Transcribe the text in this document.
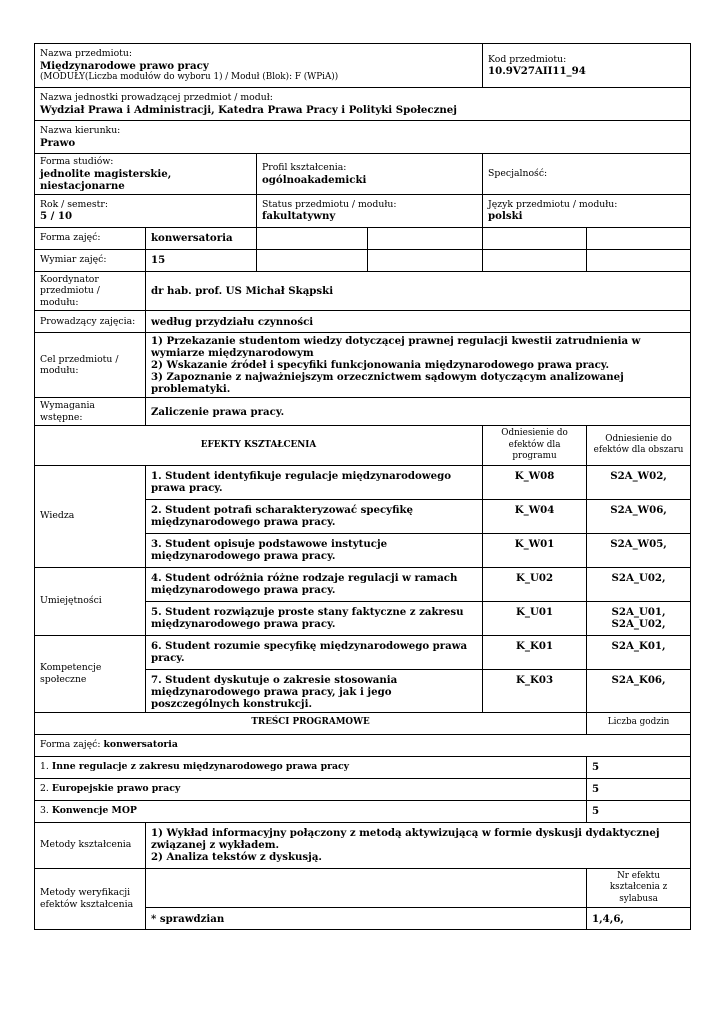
Nazwa przedmiotu:
Międzynarodowe prawo pracy
(MODUŁY(Liczba modułów do wyboru 1) / Moduł (Blok): F (WPiA))				Kod przedmiotu:
10.9V27AII11_94	

Nazwa jednostki prowadzącej przedmiot / moduł:
Wydział Prawa i Administracji, Katedra Prawa Pracy i Polityki Społecznej					

Nazwa kierunku:
Prawo					

Forma studiów:
jednolite magisterskie, niestacjonarne		Profil kształcenia:
ogólnoakademicki		Specjalność:	

Rok / semestr:
5 / 10		Status przedmiotu / modułu:
fakultatywny		Język przedmiotu / modułu:
polski	

Forma zajęć:	konwersatoria				
Wymiar zajęć:	15				
Koordynator przedmiotu / modułu:	dr hab. prof. US Michał Skąpski				
Prowadzący zajęcia:	według przydziału czynności				
Cel przedmiotu / modułu:	1) Przekazanie studentom wiedzy dotyczącej prawnej regulacji kwestii zatrudnienia w wymiarze międzynarodowym
2) Wskazanie źródeł i specyfiki funkcjonowania międzynarodowego prawa pracy.
3) Zapoznanie z najważniejszym orzecznictwem sądowym dotyczącym analizowanej problematyki.				

Wymagania wstępne:	Zaliczenie prawa pracy.				
EFEKTY KSZTAŁCENIA				Odniesienie do efektów dla programu	Odniesienie do efektów dla obszaru
Wiedza	1. Student identyfikuje regulacje międzynarodowego prawa pracy.			K_W08	S2A_W02,
	2. Student potrafi scharakteryzować specyfikę międzynarodowego prawa pracy.			K_W04	S2A_W06,
	3. Student opisuje podstawowe instytucje międzynarodowego prawa pracy.			K_W01	S2A_W05,
Umiejętności	4. Student odróżnia różne rodzaje regulacji w ramach międzynarodowego prawa pracy.			K_U02	S2A_U02,
	5. Student rozwiązuje proste stany faktyczne z zakresu międzynarodowego prawa pracy.			K_U01	S2A_U01, S2A_U02,
Kompetencje społeczne	6. Student rozumie specyfikę międzynarodowego prawa pracy.			K_K01	S2A_K01,
	7. Student dyskutuje o zakresie stosowania międzynarodowego prawa pracy, jak i jego poszczególnych konstrukcji.			K_K03	S2A_K06,
TREŚCI PROGRAMOWE					Liczba godzin
Forma zajęć: konwersatoria					
1. Inne regulacje z zakresu międzynarodowego prawa pracy					5
2. Europejskie prawo pracy					5
3. Konwencje MOP					5
Metody kształcenia	1) Wykład informacyjny połączony z metodą aktywizującą w formie dyskusji dydaktycznej związanej z wykładem.
2) Analiza tekstów z dyskusją.				

Metody weryfikacji efektów kształcenia					Nr efektu kształcenia z sylabusa
	* sprawdzian				1,4,6,
